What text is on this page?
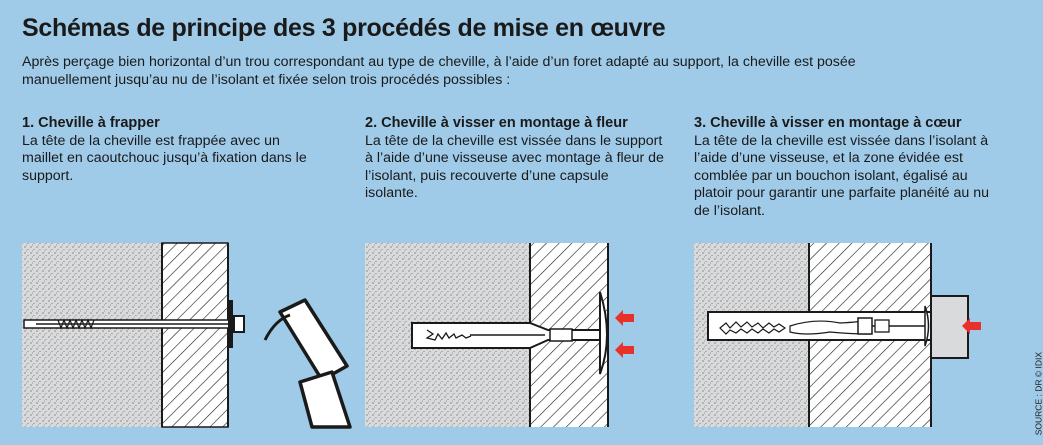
Schémas de principe des 3 procédés de mise en œuvre
Après perçage bien horizontal d’un trou correspondant au type de cheville, à l’aide d’un foret adapté au support, la cheville est posée manuellement jusqu’au nu de l’isolant et fixée selon trois procédés possibles :
1. Cheville à frapper
La tête de la cheville est frappée avec un maillet en caoutchouc jusqu’à fixation dans le support.
2. Cheville à visser en montage à fleur
La tête de la cheville est vissée dans le support à l’aide d’une visseuse avec montage à fleur de l’isolant, puis recouverte d’une capsule isolante.
3. Cheville à visser en montage à cœur
La tête de la cheville est vissée dans l’isolant à l’aide d’une visseuse, et la zone évidée est comblée par un bouchon isolant, égalisé au platoir pour garantir une parfaite planéité au nu de l’isolant.
SOURCE : DR © IDIX
